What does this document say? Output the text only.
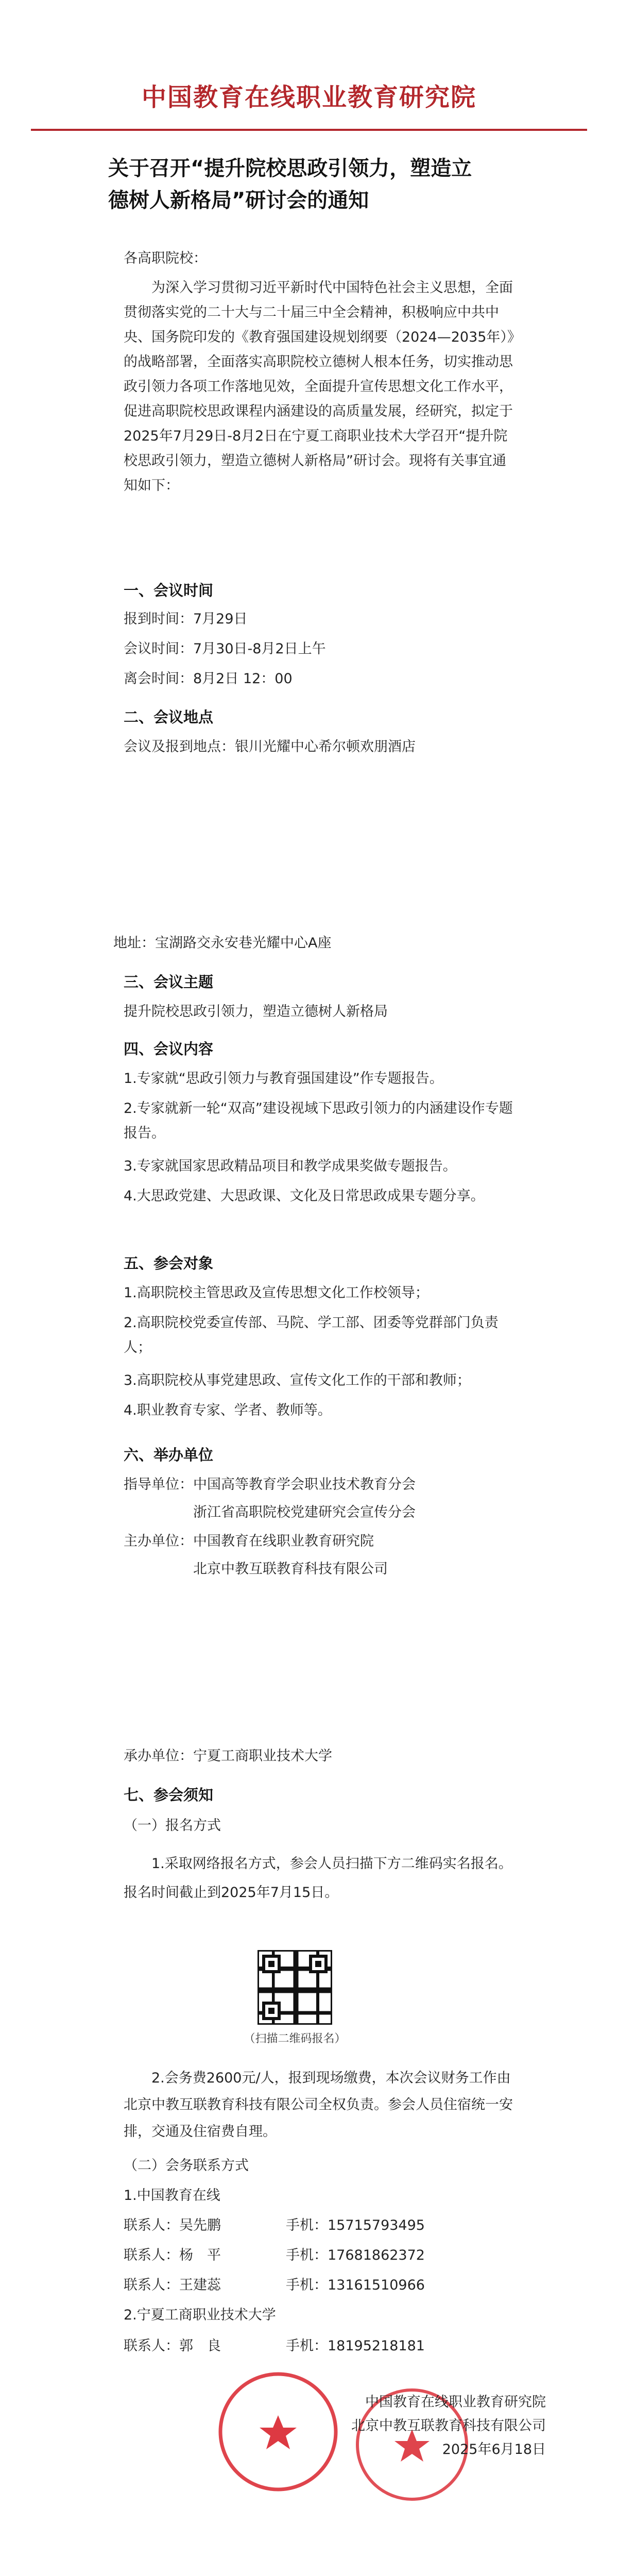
中国教育在线职业教育研究院
关于召开“提升院校思政引领力，塑造立
德树人新格局”研讨会的通知
各高职院校：
为深入学习贯彻习近平新时代中国特色社会主义思想，全面贯彻落实党的二十大与二十届三中全会精神，积极响应中共中央、国务院印发的《教育强国建设规划纲要（2024—2035年）》的战略部署，全面落实高职院校立德树人根本任务，切实推动思政引领力各项工作落地见效，全面提升宣传思想文化工作水平，促进高职院校思政课程内涵建设的高质量发展，经研究，拟定于2025年7月29日-8月2日在宁夏工商职业技术大学召开“提升院校思政引领力，塑造立德树人新格局”研讨会。现将有关事宜通知如下：
一、会议时间
报到时间：7月29日
会议时间：7月30日-8月2日上午
离会时间：8月2日 12：00
二、会议地点
会议及报到地点：银川光耀中心希尔顿欢朋酒店
地址：宝湖路交永安巷光耀中心A座
三、会议主题
提升院校思政引领力，塑造立德树人新格局
四、会议内容
1.专家就“思政引领力与教育强国建设”作专题报告。
2.专家就新一轮“双高”建设视域下思政引领力的内涵建设作专题报告。
3.专家就国家思政精品项目和教学成果奖做专题报告。
4.大思政党建、大思政课、文化及日常思政成果专题分享。
五、参会对象
1.高职院校主管思政及宣传思想文化工作校领导；
2.高职院校党委宣传部、马院、学工部、团委等党群部门负责人；
3.高职院校从事党建思政、宣传文化工作的干部和教师；
4.职业教育专家、学者、教师等。
六、举办单位
指导单位： 中国高等教育学会职业技术教育分会
浙江省高职院校党建研究会宣传分会
主办单位： 中国教育在线职业教育研究院
北京中教互联教育科技有限公司
承办单位：宁夏工商职业技术大学
七、参会须知
（一）报名方式
1.采取网络报名方式，参会人员扫描下方二维码实名报名。报名时间截止到2025年7月15日。
（扫描二维码报名）
2.会务费2600元/人，报到现场缴费，本次会议财务工作由北京中教互联教育科技有限公司全权负责。参会人员住宿统一安排，交通及住宿费自理。
（二）会务联系方式
1.中国教育在线
联系人：吴先鹏	手机：15715793495
联系人：杨　平	手机：17681862372
联系人：王建蕊	手机：13161510966
2.宁夏工商职业技术大学
联系人：郭　良	手机：18195218181
中国教育在线职业教育研究院
北京中教互联教育科技有限公司
2025年6月18日
